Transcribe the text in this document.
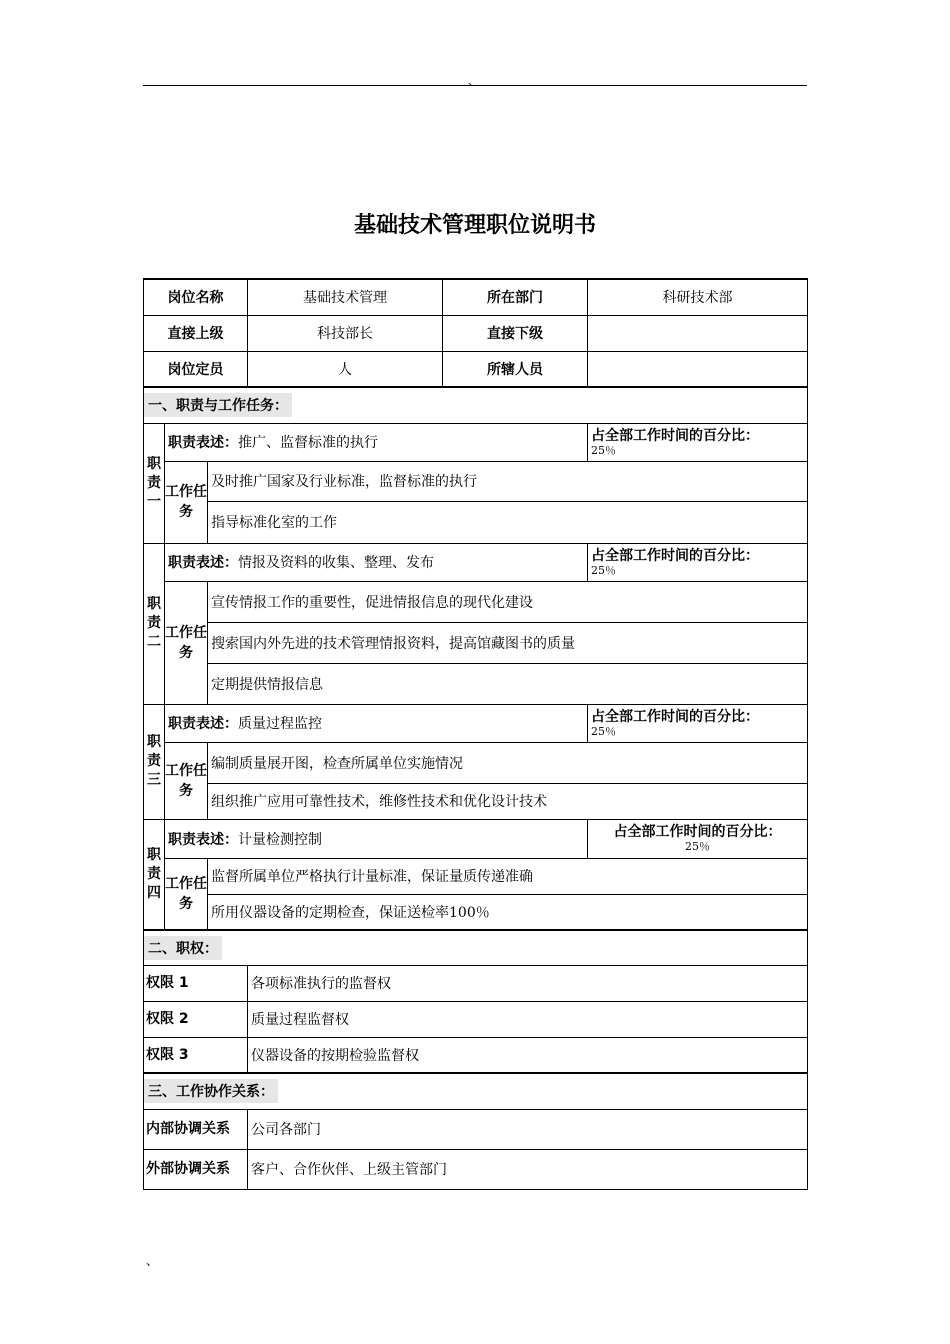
、
基础技术管理职位说明书
岗位名称			基础技术管理	所在部门	科研技术部
直接上级			科技部长	直接下级	
岗位定员			人	所辖人员	
一、职责与工作任务：					
职责一	职责表述：推广、监督标准的执行				占全部工作时间的百分比：
25％

	工作任务	及时推广国家及行业标准，监督标准的执行			
		指导标准化室的工作			
职责二	职责表述：情报及资料的收集、整理、发布				占全部工作时间的百分比：
25％

	工作任务	宣传情报工作的重要性，促进情报信息的现代化建设			
		搜索国内外先进的技术管理情报资料，提高馆藏图书的质量			
		定期提供情报信息			
职责三	职责表述：质量过程监控				占全部工作时间的百分比：
25％

	工作任务	编制质量展开图，检查所属单位实施情况			
		组织推广应用可靠性技术，维修性技术和优化设计技术			
职责四	职责表述：计量检测控制				占全部工作时间的百分比：
25％

	工作任务	监督所属单位严格执行计量标准，保证量质传递准确			
		所用仪器设备的定期检查，保证送检率100％			
二、职权：					
权限 1			各项标准执行的监督权		
权限 2			质量过程监督权		
权限 3			仪器设备的按期检验监督权		
三、工作协作关系：					
内部协调关系			公司各部门		
外部协调关系			客户、合作伙伴、上级主管部门		
、
